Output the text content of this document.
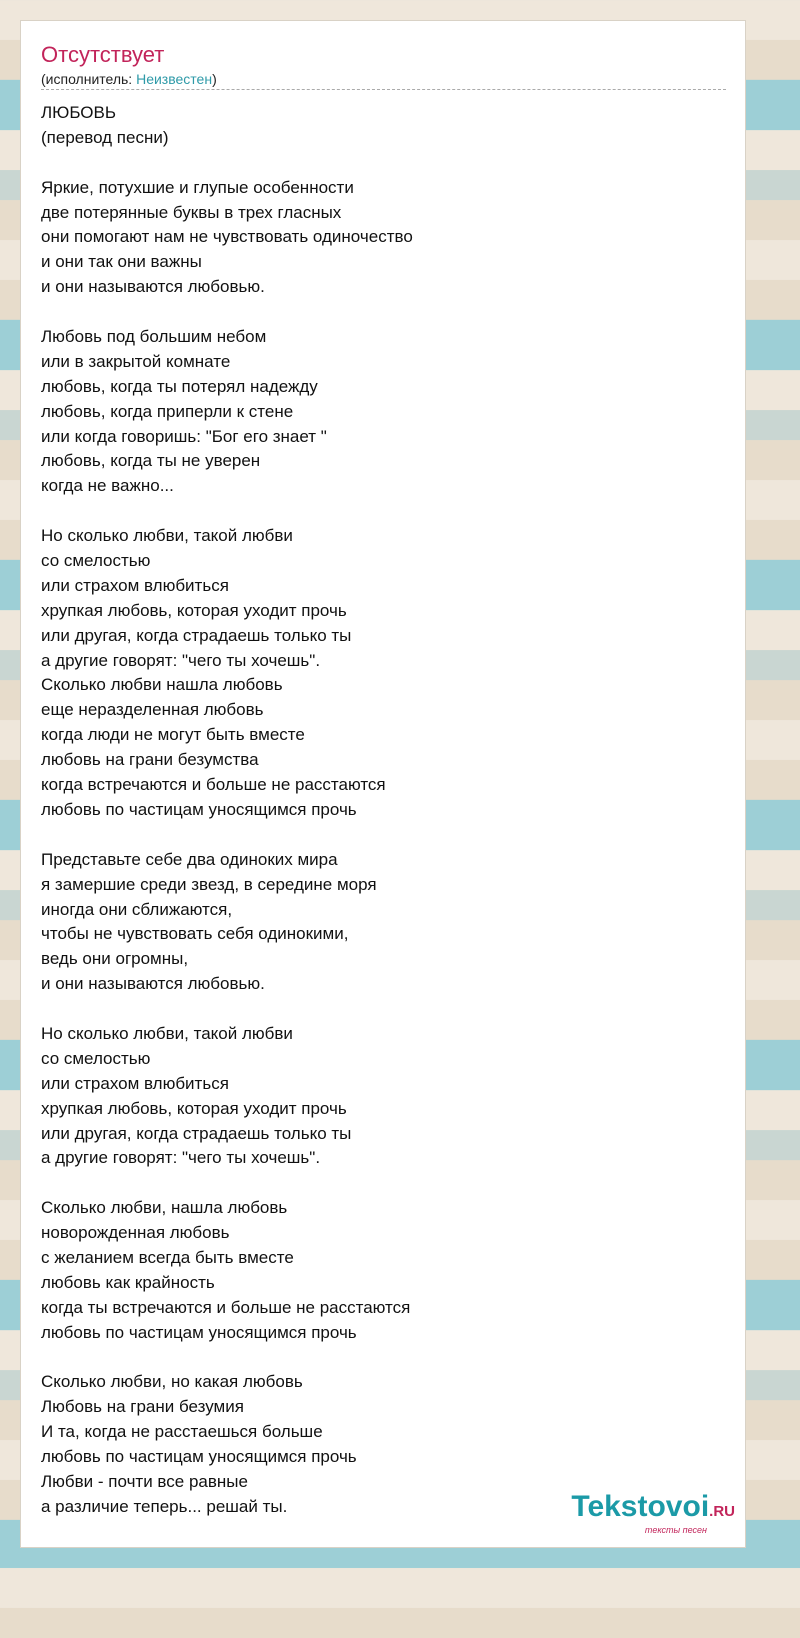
Отсутствует
(исполнитель: Неизвестен)
ЛЮБОВЬ
(перевод песни)
Яркие, потухшие и глупые особенности
две потерянные буквы в трех гласных
они помогают нам не чувствовать одиночество
и они так они важны
и они называются любовью.
Любовь под большим небом
или в закрытой комнате
любовь, когда ты потерял надежду
любовь, когда приперли к стене
или когда говоришь: "Бог его знает "
любовь, когда ты не уверен
когда не важно...
Но сколько любви, такой любви
со смелостью
или страхом влюбиться
хрупкая любовь, которая уходит прочь
или другая, когда страдаешь только ты
а другие говорят: "чего ты хочешь".
Сколько любви нашла любовь
еще неразделенная любовь
когда люди не могут быть вместе
любовь на грани безумства
когда встречаются и больше не расстаются
любовь по частицам уносящимся прочь
Представьте себе два одиноких мира
я замершие среди звезд, в середине моря
иногда они сближаются,
чтобы не чувствовать себя одинокими,
ведь они огромны,
и они называются любовью.
Но сколько любви, такой любви
со смелостью
или страхом влюбиться
хрупкая любовь, которая уходит прочь
или другая, когда страдаешь только ты
а другие говорят: "чего ты хочешь".
Сколько любви, нашла любовь
новорожденная любовь
с желанием всегда быть вместе
любовь как крайность
когда ты встречаются и больше не расстаются
любовь по частицам уносящимся прочь
Сколько любви, но какая любовь
Любовь на грани безумия
И та, когда не расстаешься больше
любовь по частицам уносящимся прочь
Любви - почти все равные
а различие теперь... решай ты.	Tekstovoi.RU
тексты песен
